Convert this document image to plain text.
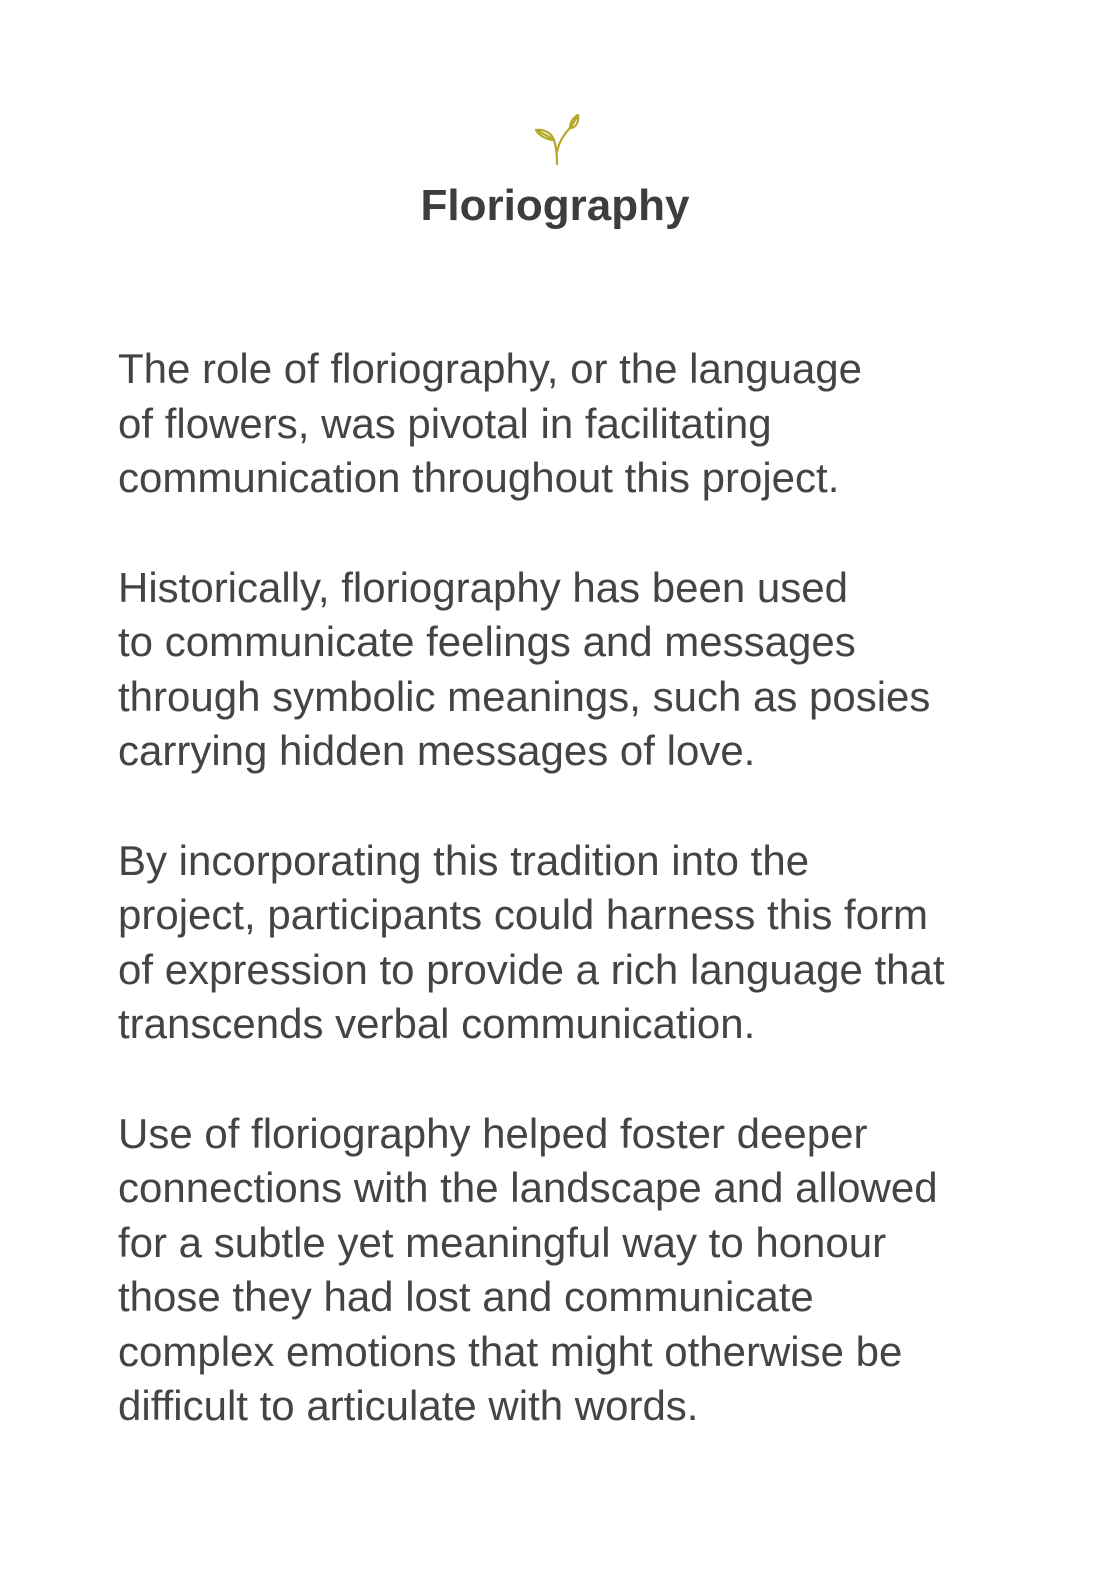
Floriography

The role of floriography, or the language
of flowers, was pivotal in facilitating
communication throughout this project.

Historically, floriography has been used
to communicate feelings and messages
through symbolic meanings, such as posies
carrying hidden messages of love.

By incorporating this tradition into the
project, participants could harness this form
of expression to provide a rich language that
transcends verbal communication.

Use of floriography helped foster deeper
connections with the landscape and allowed
for a subtle yet meaningful way to honour
those they had lost and communicate
complex emotions that might otherwise be
difficult to articulate with words.
